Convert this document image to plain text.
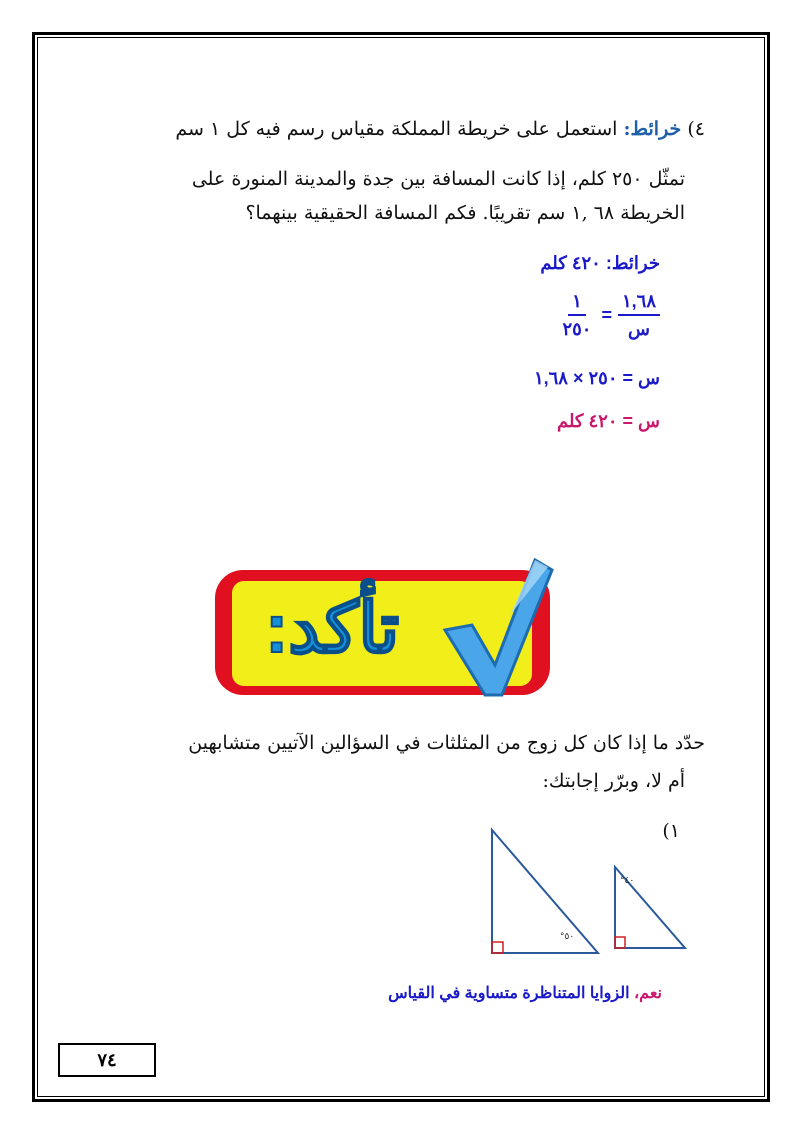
٤) خرائط: استعمل على خريطة المملكة مقياس رسم فيه كل ١ سم
تمثّل ٢٥٠ كلم، إذا كانت المسافة بين جدة والمدينة المنورة على
الخريطة ٦٨ ,١ سم تقريبًا. فكم المسافة الحقيقية بينهما؟
خرائط: ٤٢٠ كلم
$\frac{١}{٢٥٠} = \frac{١,٦٨}{\text{س}}$
س = ٢٥٠ × ١,٦٨
س = ٤٢٠ كلم
تأكد:
حدّد ما إذا كان كل زوج من المثلثات في السؤالين الآتيين متشابهين
أم لا، وبرّر إجابتك:
١)
٥٠°
٤٠°
نعم، الزوايا المتناظرة متساوية في القياس
٧٤
